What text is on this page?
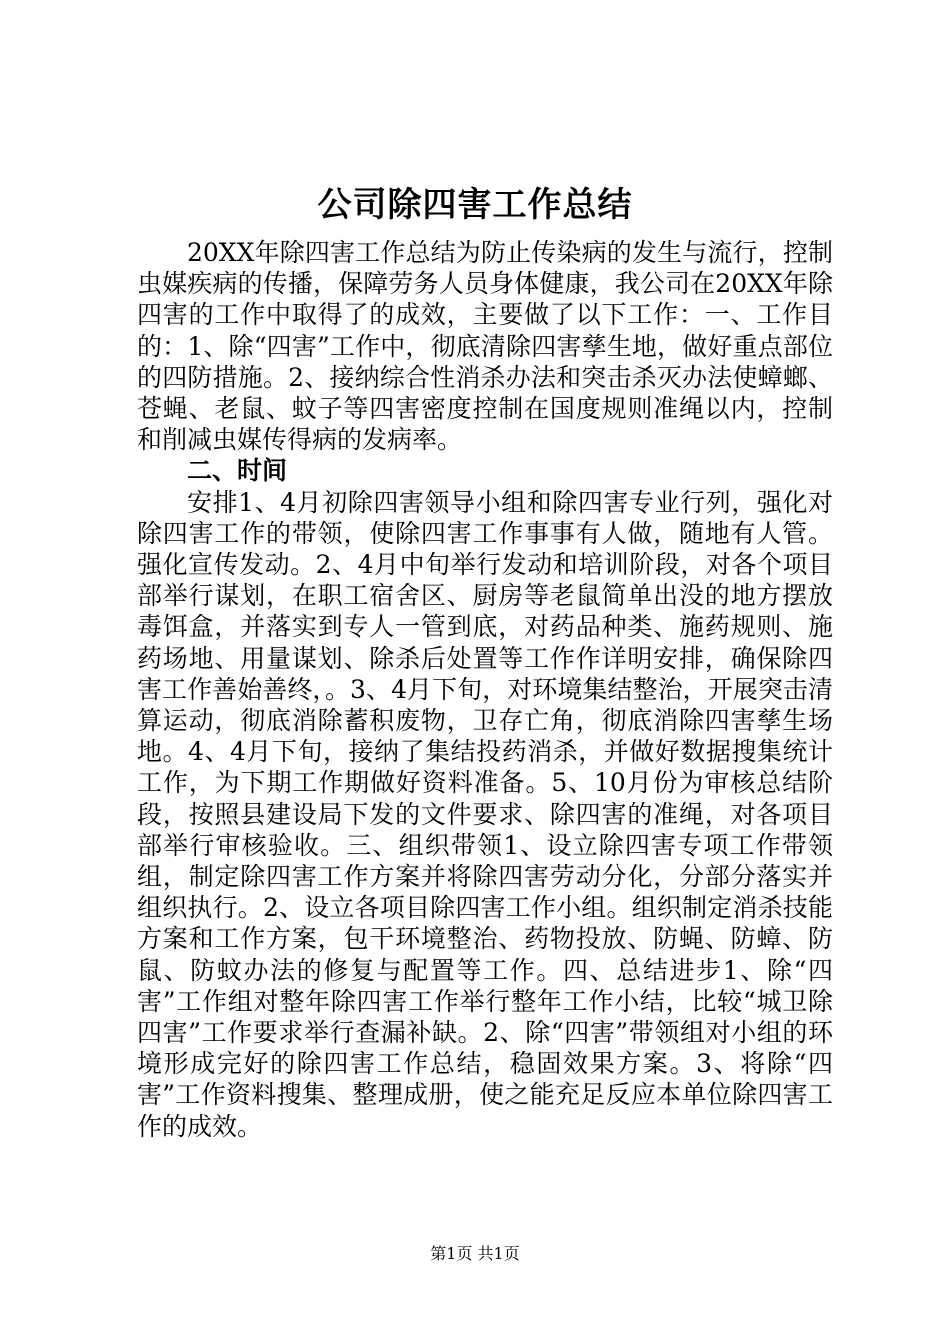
公司除四害工作总结

20XX年除四害工作总结为防止传染病的发生与流行，控制虫媒疾病的传播，保障劳务人员身体健康，我公司在20XX年除四害的工作中取得了的成效，主要做了以下工作：一、工作目的：1、除“四害”工作中，彻底清除四害孳生地，做好重点部位的四防措施。2、接纳综合性消杀办法和突击杀灭办法使蟑螂、苍蝇、老鼠、蚊子等四害密度控制在国度规则准绳以内，控制和削减虫媒传得病的发病率。

二、时间

安排1、4月初除四害领导小组和除四害专业行列，强化对除四害工作的带领，使除四害工作事事有人做，随地有人管。强化宣传发动。2、4月中旬举行发动和培训阶段，对各个项目部举行谋划，在职工宿舍区、厨房等老鼠简单出没的地方摆放毒饵盒，并落实到专人一管到底，对药品种类、施药规则、施药场地、用量谋划、除杀后处置等工作作详明安排，确保除四害工作善始善终，。3、4月下旬，对环境集结整治，开展突击清算运动，彻底消除蓄积废物，卫存亡角，彻底消除四害孳生场地。4、4月下旬，接纳了集结投药消杀，并做好数据搜集统计工作，为下期工作期做好资料准备。5、10月份为审核总结阶段，按照县建设局下发的文件要求、除四害的准绳，对各项目部举行审核验收。三、组织带领1、设立除四害专项工作带领组，制定除四害工作方案并将除四害劳动分化，分部分落实并组织执行。2、设立各项目除四害工作小组。组织制定消杀技能方案和工作方案，包干环境整治、药物投放、防蝇、防蟑、防鼠、防蚊办法的修复与配置等工作。四、总结进步1、除“四害”工作组对整年除四害工作举行整年工作小结，比较“城卫除四害”工作要求举行查漏补缺。2、除“四害”带领组对小组的环境形成完好的除四害工作总结，稳固效果方案。3、将除“四害”工作资料搜集、整理成册，使之能充足反应本单位除四害工作的成效。

第1页 共1页
